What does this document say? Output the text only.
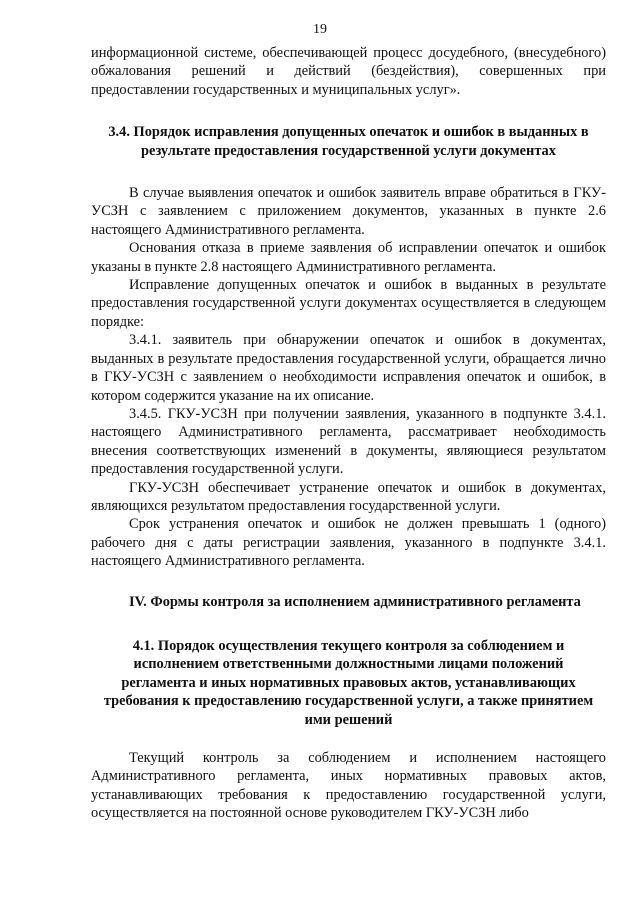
19

информационной системе, обеспечивающей процесс досудебного, (внесудебного) обжалования решений и действий (бездействия), совершенных при предоставлении государственных и муниципальных услуг».

3.4. Порядок исправления допущенных опечаток и ошибок в выданных в результате предоставления государственной услуги документах

В случае выявления опечаток и ошибок заявитель вправе обратиться в ГКУ-УСЗН с заявлением с приложением документов, указанных в пункте 2.6 настоящего Административного регламента.

Основания отказа в приеме заявления об исправлении опечаток и ошибок указаны в пункте 2.8 настоящего Административного регламента.

Исправление допущенных опечаток и ошибок в выданных в результате предоставления государственной услуги документах осуществляется в следующем порядке:

3.4.1. заявитель при обнаружении опечаток и ошибок в документах, выданных в результате предоставления государственной услуги, обращается лично в ГКУ-УСЗН с заявлением о необходимости исправления опечаток и ошибок, в котором содержится указание на их описание.

3.4.5. ГКУ-УСЗН при получении заявления, указанного в подпункте 3.4.1. настоящего Административного регламента, рассматривает необходимость внесения соответствующих изменений в документы, являющиеся результатом предоставления государственной услуги.

ГКУ-УСЗН обеспечивает устранение опечаток и ошибок в документах, являющихся результатом предоставления государственной услуги.

Срок устранения опечаток и ошибок не должен превышать 1 (одного) рабочего дня с даты регистрации заявления, указанного в подпункте 3.4.1. настоящего Административного регламента.

IV. Формы контроля за исполнением административного регламента

4.1. Порядок осуществления текущего контроля за соблюдением и исполнением ответственными должностными лицами положений регламента и иных нормативных правовых актов, устанавливающих требования к предоставлению государственной услуги, а также принятием ими решений

Текущий контроль за соблюдением и исполнением настоящего Административного регламента, иных нормативных правовых актов, устанавливающих требования к предоставлению государственной услуги, осуществляется на постоянной основе руководителем ГКУ-УСЗН либо
